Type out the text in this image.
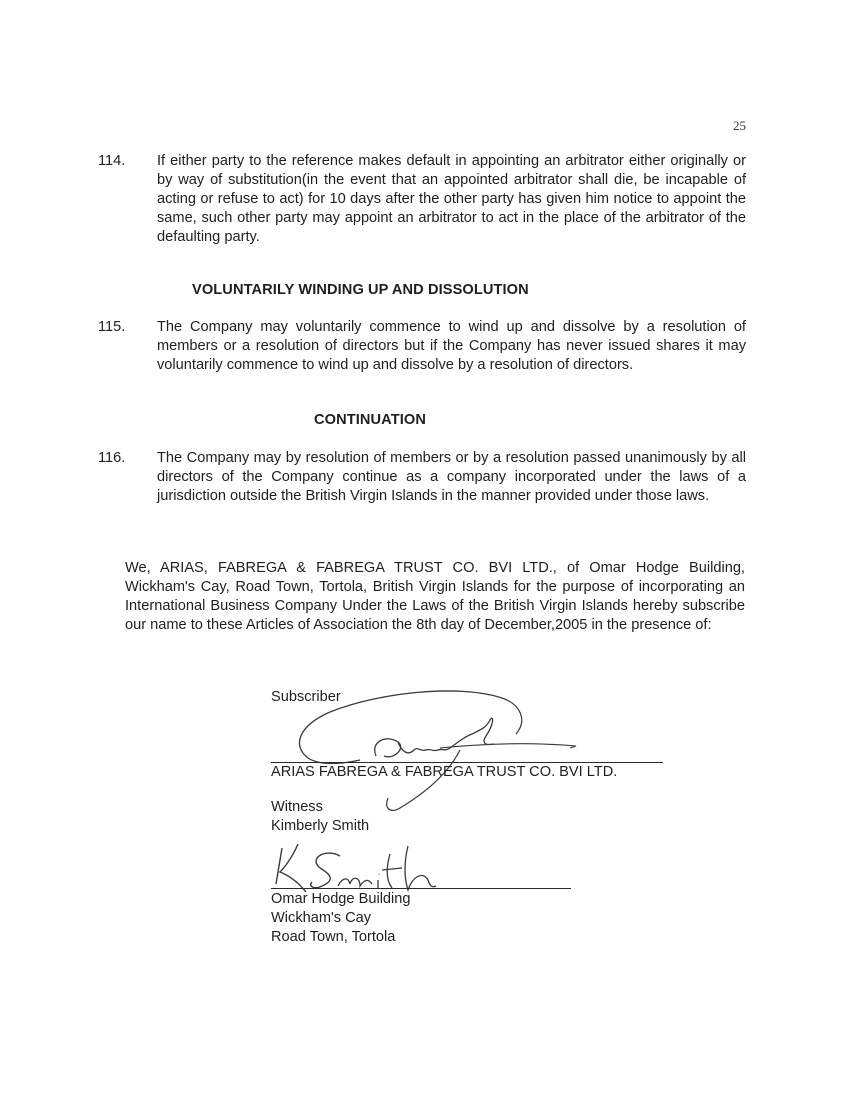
25
114.	If either party to the reference makes default in appointing an arbitrator either originally or by way of substitution(in the event that an appointed arbitrator shall die, be incapable of acting or refuse to act) for 10 days after the other party has given him notice to appoint the same, such other party may appoint an arbitrator to act in the place of the arbitrator of the defaulting party.
VOLUNTARILY WINDING UP AND DISSOLUTION
115.	The Company may voluntarily commence to wind up and dissolve by a resolution of members or a resolution of directors but if the Company has never issued shares it may voluntarily commence to wind up and dissolve by a resolution of directors.
CONTINUATION
116.	The Company may by resolution of members or by a resolution passed unanimously by all directors of the Company continue as a company incorporated under the laws of a jurisdiction outside the British Virgin Islands in the manner provided under those laws.
We, ARIAS, FABREGA & FABREGA TRUST CO. BVI LTD., of Omar Hodge Building, Wickham's Cay, Road Town, Tortola, British Virgin Islands for the purpose of incorporating an International Business Company Under the Laws of the British Virgin Islands hereby subscribe our name to these Articles of Association the 8th day of December,2005 in the presence of:
Subscriber
ARIAS FABREGA & FABREGA TRUST CO. BVI LTD.
Witness
Kimberly Smith
Omar Hodge Building
Wickham's Cay
Road Town, Tortola
